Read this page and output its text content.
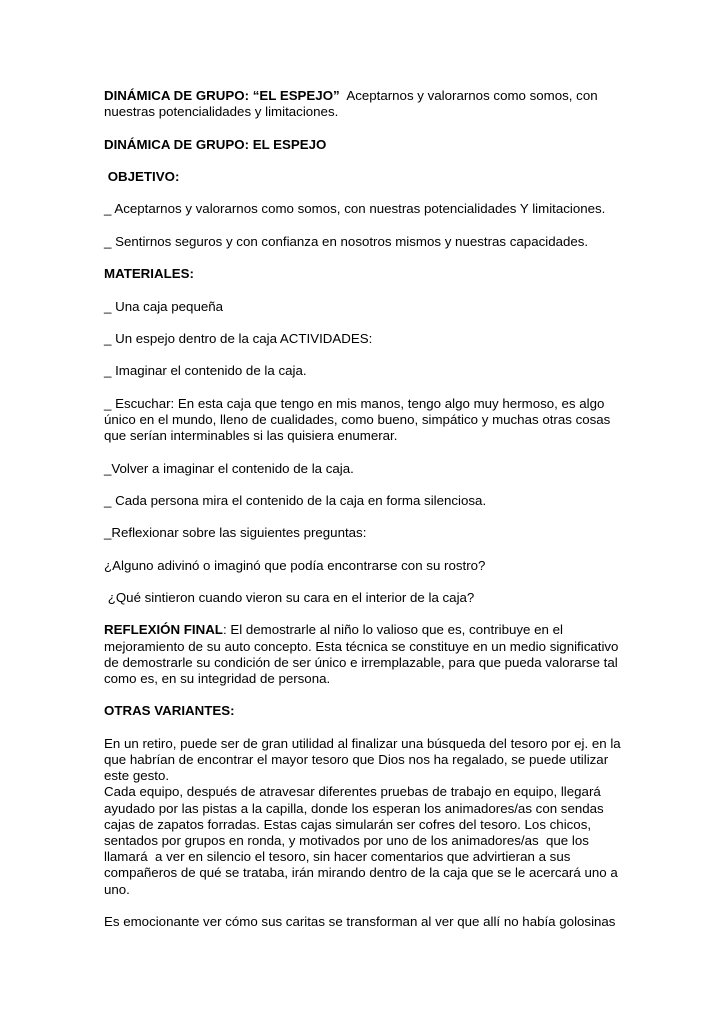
DINÁMICA DE GRUPO: “EL ESPEJO”  Aceptarnos y valorarnos como somos, con nuestras potencialidades y limitaciones.

DINÁMICA DE GRUPO: EL ESPEJO

OBJETIVO:

_ Aceptarnos y valorarnos como somos, con nuestras potencialidades Y limitaciones.

_ Sentirnos seguros y con confianza en nosotros mismos y nuestras capacidades.

MATERIALES:

_ Una caja pequeña

_ Un espejo dentro de la caja ACTIVIDADES:

_ Imaginar el contenido de la caja.

_ Escuchar: En esta caja que tengo en mis manos, tengo algo muy hermoso, es algo único en el mundo, lleno de cualidades, como bueno, simpático y muchas otras cosas que serían interminables si las quisiera enumerar.

_Volver a imaginar el contenido de la caja.

_ Cada persona mira el contenido de la caja en forma silenciosa.

_Reflexionar sobre las siguientes preguntas:

¿Alguno adivinó o imaginó que podía encontrarse con su rostro?

¿Qué sintieron cuando vieron su cara en el interior de la caja?

REFLEXIÓN FINAL: El demostrarle al niño lo valioso que es, contribuye en el mejoramiento de su auto concepto. Esta técnica se constituye en un medio significativo de demostrarle su condición de ser único e irremplazable, para que pueda valorarse tal como es, en su integridad de persona.

OTRAS VARIANTES:

En un retiro, puede ser de gran utilidad al finalizar una búsqueda del tesoro por ej. en la que habrían de encontrar el mayor tesoro que Dios nos ha regalado, se puede utilizar este gesto.
Cada equipo, después de atravesar diferentes pruebas de trabajo en equipo, llegará ayudado por las pistas a la capilla, donde los esperan los animadores/as con sendas cajas de zapatos forradas. Estas cajas simularán ser cofres del tesoro. Los chicos, sentados por grupos en ronda, y motivados por uno de los animadores/as  que los llamará  a ver en silencio el tesoro, sin hacer comentarios que advirtieran a sus compañeros de qué se trataba, irán mirando dentro de la caja que se le acercará uno a uno.

Es emocionante ver cómo sus caritas se transforman al ver que allí no había golosinas
